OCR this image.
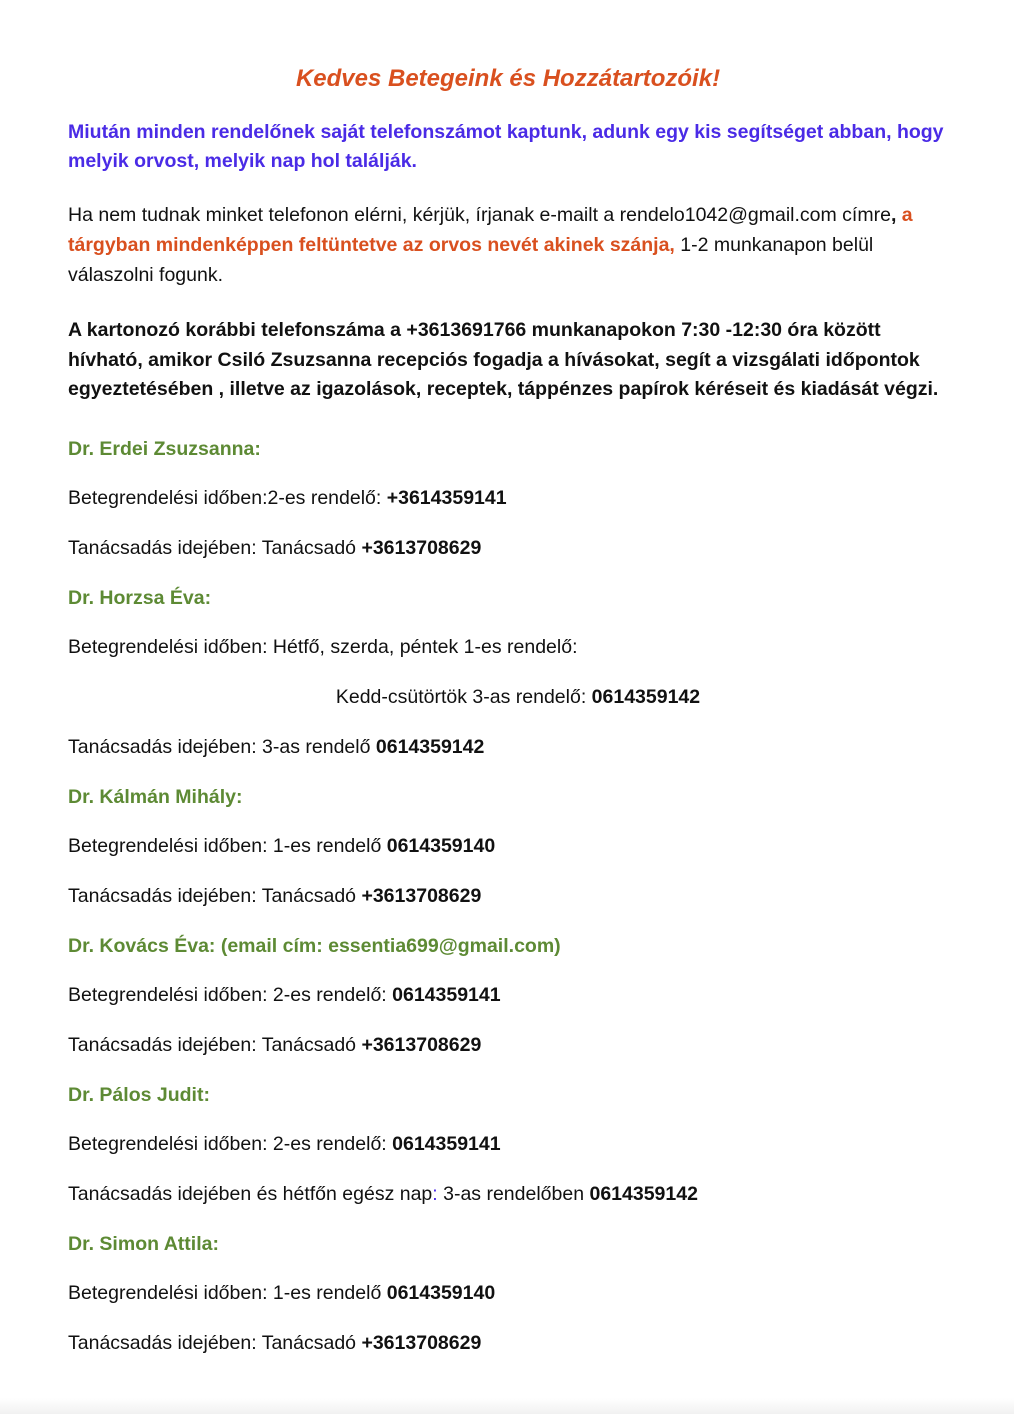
Kedves Betegeink és Hozzátartozóik!
Miután minden rendelőnek saját telefonszámot kaptunk, adunk egy kis segítséget abban, hogy melyik orvost, melyik nap hol találják.
Ha nem tudnak minket telefonon elérni, kérjük, írjanak e-mailt a rendelo1042@gmail.com címre, a tárgyban mindenképpen feltüntetve az orvos nevét akinek szánja, 1-2 munkanapon belül válaszolni fogunk.
A kartonozó korábbi telefonszáma a +3613691766 munkanapokon 7:30 -12:30 óra között hívható, amikor Csiló Zsuzsanna recepciós fogadja a hívásokat, segít a vizsgálati időpontok egyeztetésében , illetve az igazolások, receptek, táppénzes papírok kéréseit és kiadását végzi.
Dr. Erdei Zsuzsanna:
Betegrendelési időben:2-es rendelő: +3614359141
Tanácsadás idejében: Tanácsadó +3613708629
Dr. Horzsa Éva:
Betegrendelési időben: Hétfő, szerda, péntek 1-es rendelő:
Kedd-csütörtök 3-as rendelő: 0614359142
Tanácsadás idejében: 3-as rendelő 0614359142
Dr. Kálmán Mihály:
Betegrendelési időben: 1-es rendelő 0614359140
Tanácsadás idejében: Tanácsadó +3613708629
Dr. Kovács Éva: (email cím: essentia699@gmail.com)
Betegrendelési időben: 2-es rendelő: 0614359141
Tanácsadás idejében: Tanácsadó +3613708629
Dr. Pálos Judit:
Betegrendelési időben: 2-es rendelő: 0614359141
Tanácsadás idejében és hétfőn egész nap: 3-as rendelőben 0614359142
Dr. Simon Attila:
Betegrendelési időben: 1-es rendelő 0614359140
Tanácsadás idejében: Tanácsadó +3613708629
